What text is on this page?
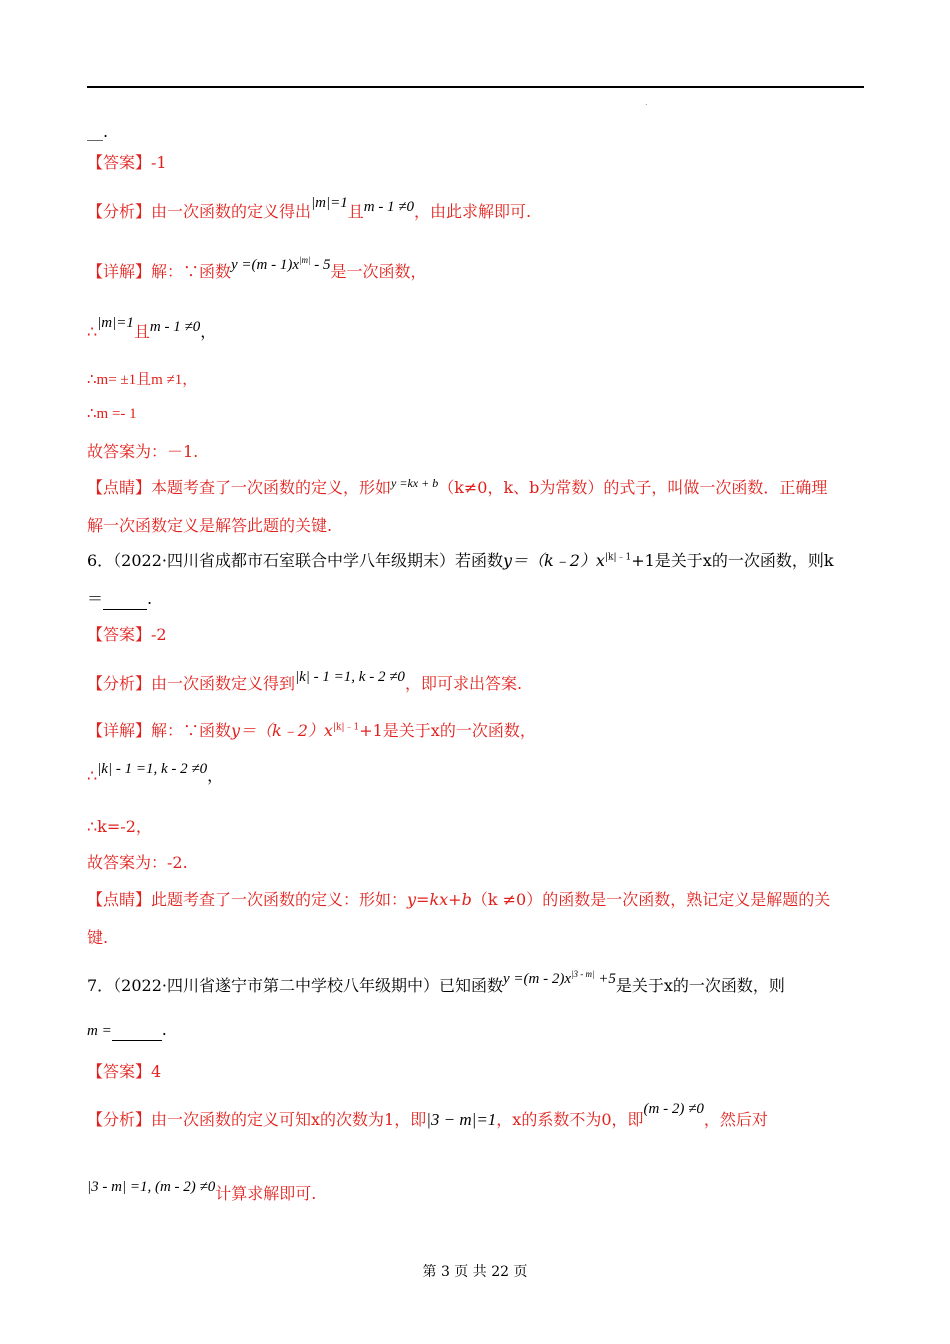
.
__.
【答案】-1
【分析】由一次函数的定义得出|m|=1且m - 1 ≠0，由此求解即可.
【详解】解：∵函数$y =(m - 1)x^{|m|} - 5$是一次函数，
∴|m|=1且m - 1 ≠0，
∴m= ±1且m ≠1，
∴m =- 1
故答案为：－1.
【点睛】本题考查了一次函数的定义，形如$^{y =kx + b}$（k≠0，k、b为常数）的式子，叫做一次函数．正确理
解一次函数定义是解答此题的关键.
6．（2022·四川省成都市石室联合中学八年级期末）若函数$y=(k﹣2)x^{|k|﹣1}+1$是关于x的一次函数，则k
＝	.
【答案】-2
【分析】由一次函数定义得到|k| - 1 =1, k - 2 ≠0，即可求出答案.
【详解】解：∵函数$y=(k﹣2)x^{|k|﹣1}+1$是关于x的一次函数，
∴|k| - 1 =1, k - 2 ≠0，
∴k=-2，
故答案为：-2.
【点睛】此题考查了一次函数的定义：形如：y=kx+b（k ≠0）的函数是一次函数，熟记定义是解题的关
键.
7．（2022·四川省遂宁市第二中学校八年级期中）已知函数$y =(m - 2)x^{|3 - m|} +5$是关于x的一次函数，则
m =	.
【答案】4
【分析】由一次函数的定义可知x的次数为1，即|3 − m|=1，x的系数不为0，即(m - 2) ≠0，然后对
|3 - m| =1, (m - 2) ≠0计算求解即可.
第 3 页 共 22 页
